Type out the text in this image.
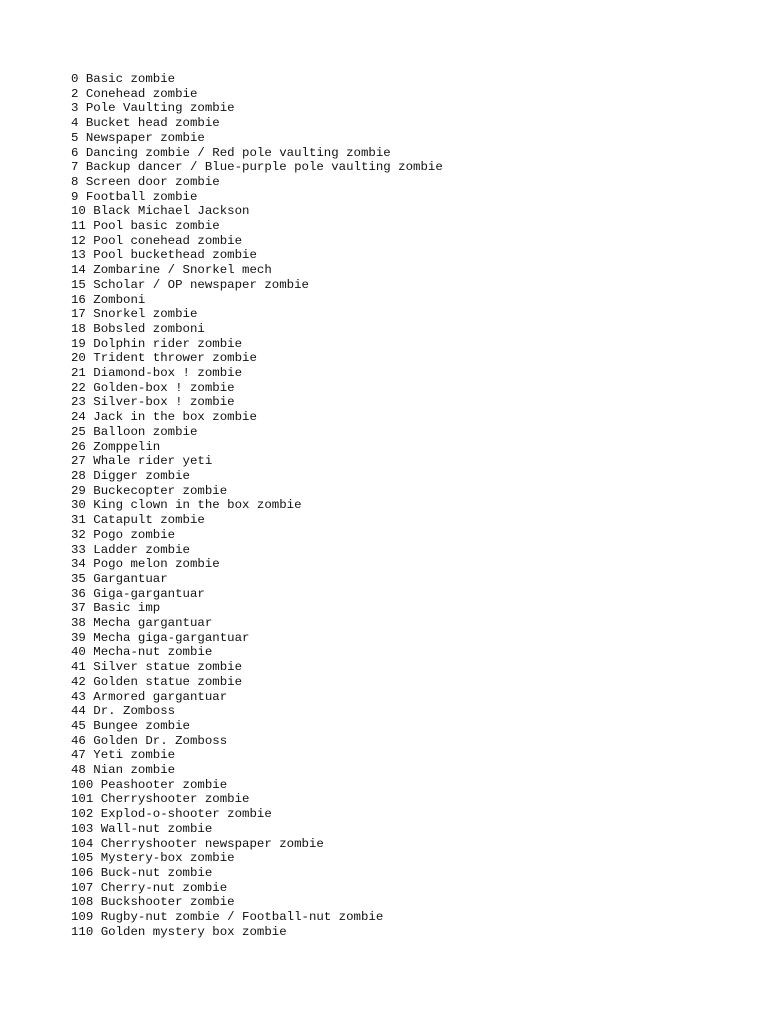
0 Basic zombie
2 Conehead zombie
3 Pole Vaulting zombie
4 Bucket head zombie
5 Newspaper zombie
6 Dancing zombie / Red pole vaulting zombie
7 Backup dancer / Blue-purple pole vaulting zombie
8 Screen door zombie
9 Football zombie
10 Black Michael Jackson
11 Pool basic zombie
12 Pool conehead zombie
13 Pool buckethead zombie
14 Zombarine / Snorkel mech
15 Scholar / OP newspaper zombie
16 Zomboni
17 Snorkel zombie
18 Bobsled zomboni
19 Dolphin rider zombie
20 Trident thrower zombie
21 Diamond-box ! zombie
22 Golden-box ! zombie
23 Silver-box ! zombie
24 Jack in the box zombie
25 Balloon zombie
26 Zomppelin
27 Whale rider yeti
28 Digger zombie
29 Buckecopter zombie
30 King clown in the box zombie
31 Catapult zombie
32 Pogo zombie
33 Ladder zombie
34 Pogo melon zombie
35 Gargantuar
36 Giga-gargantuar
37 Basic imp
38 Mecha gargantuar
39 Mecha giga-gargantuar
40 Mecha-nut zombie
41 Silver statue zombie
42 Golden statue zombie
43 Armored gargantuar
44 Dr. Zomboss
45 Bungee zombie
46 Golden Dr. Zomboss
47 Yeti zombie
48 Nian zombie
100 Peashooter zombie
101 Cherryshooter zombie
102 Explod-o-shooter zombie
103 Wall-nut zombie
104 Cherryshooter newspaper zombie
105 Mystery-box zombie
106 Buck-nut zombie
107 Cherry-nut zombie
108 Buckshooter zombie
109 Rugby-nut zombie / Football-nut zombie
110 Golden mystery box zombie
